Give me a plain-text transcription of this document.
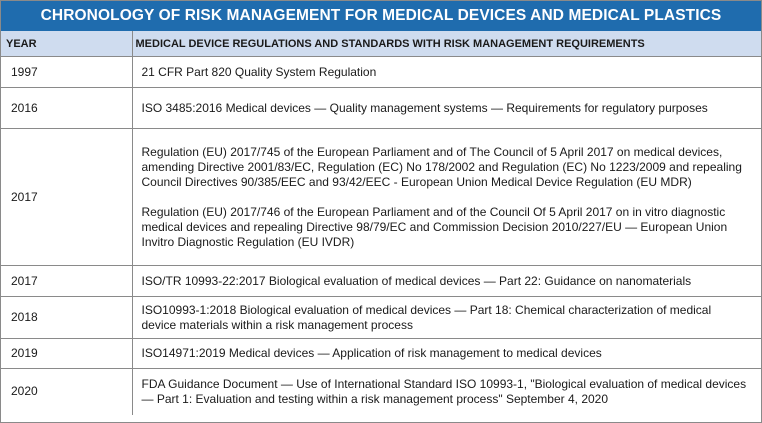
CHRONOLOGY OF RISK MANAGEMENT FOR MEDICAL DEVICES AND MEDICAL PLASTICS
YEAR	MEDICAL DEVICE REGULATIONS AND STANDARDS WITH RISK MANAGEMENT REQUIREMENTS
1997	21 CFR Part 820 Quality System Regulation

2016	ISO 3485:2016 Medical devices — Quality management systems — Requirements for regulatory purposes

2017	Regulation (EU) 2017/745 of the European Parliament and of The Council of 5 April 2017 on medical devices, amending Directive 2001/83/EC, Regulation (EC) No 178/2002 and Regulation (EC) No 1223/2009 and repealing Council Directives 90/385/EEC and 93/42/EEC - European Union Medical Device Regulation (EU MDR)
Regulation (EU) 2017/746 of the European Parliament and of the Council Of 5 April 2017 on in vitro diagnostic medical devices and repealing Directive 98/79/EC and Commission Decision 2010/227/EU — European Union Invitro Diagnostic Regulation (EU IVDR)

2017	ISO/TR 10993-22:2017 Biological evaluation of medical devices — Part 22: Guidance on nanomaterials

2018	ISO10993-1:2018 Biological evaluation of medical devices — Part 18: Chemical characterization of medical device materials within a risk management process

2019	ISO14971:2019 Medical devices — Application of risk management to medical devices

2020	FDA Guidance Document — Use of International Standard ISO 10993-1, "Biological evaluation of medical devices — Part 1: Evaluation and testing within a risk management process" September 4, 2020
